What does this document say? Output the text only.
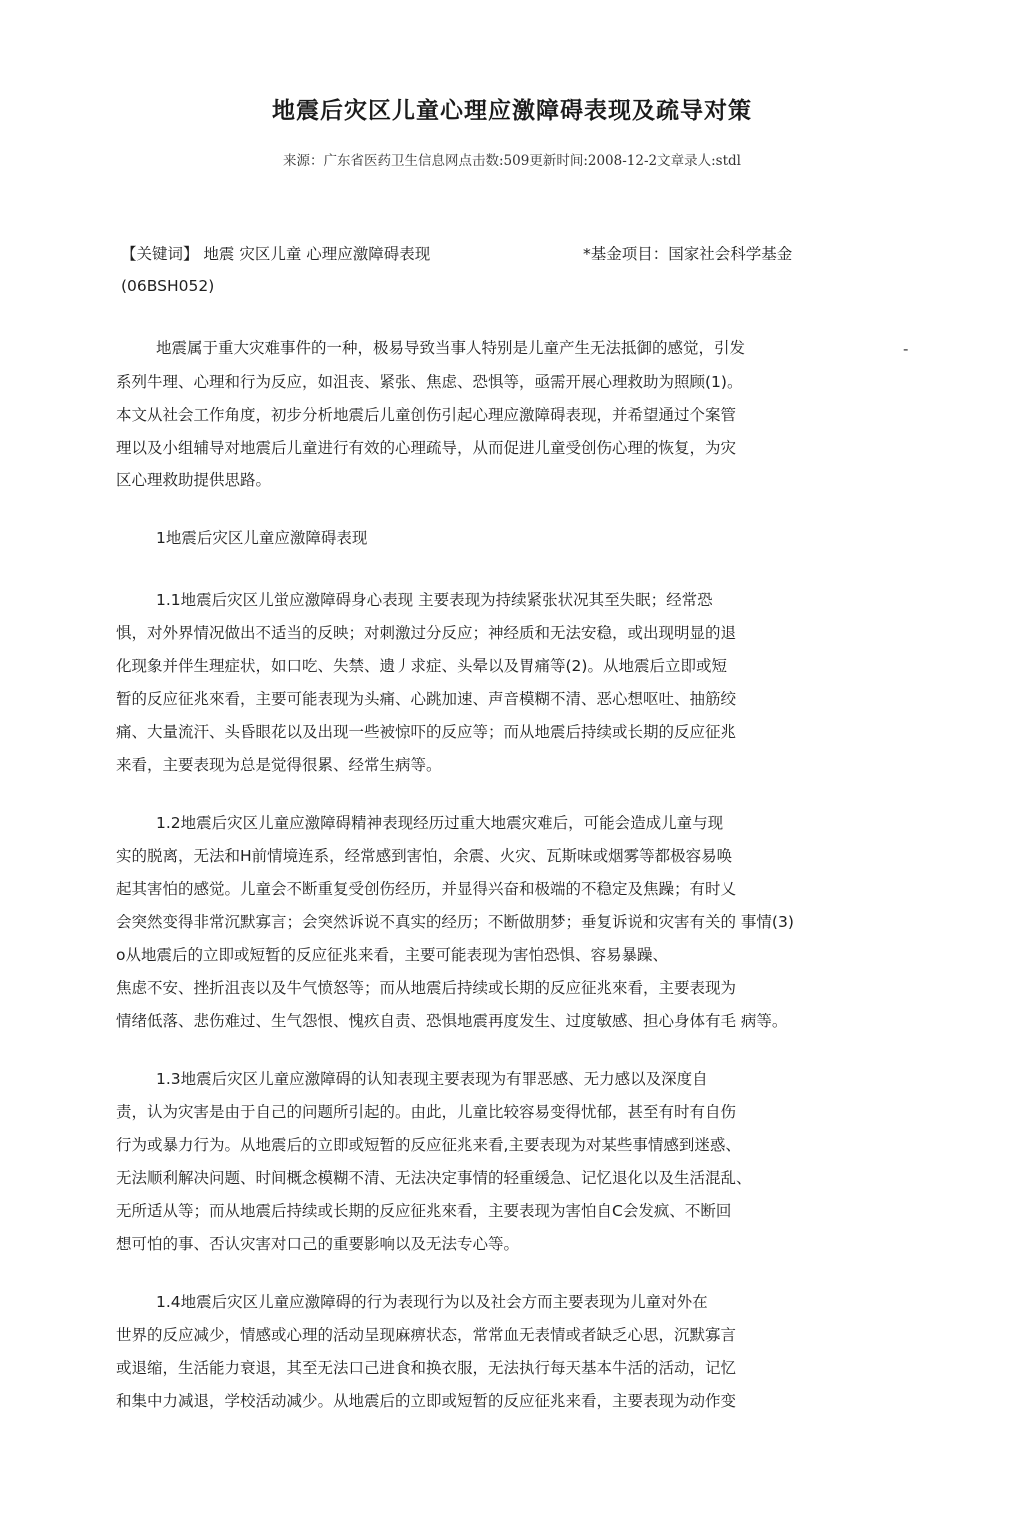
地震后灾区儿童心理应激障碍表现及疏导对策

来源：广东省医药卫生信息网点击数:509更新时间:2008-12-2文章录人:stdl

【关键词】 地震 灾区儿童 心理应激障碍表现	*基金项目：国家社会科学基金
(06BSH052)
地震属于重大灾难事件的一种，极易导致当事人特别是儿童产生无法抵御的感觉，引发	-
系列牛理、心理和行为反应，如沮丧、紧张、焦虑、恐惧等，亟需开展心理救助为照顾(1)。
本文从社会工作角度，初步分析地震后儿童创伤引起心理应激障碍表现，并希望通过个案管
理以及小组辅导对地震后儿童进行有效的心理疏导，从而促进儿童受创伤心理的恢复，为灾
区心理救助提供思路。
1地震后灾区儿童应激障碍表现
1.1地震后灾区儿蛍应激障碍身心表现 主要表现为持续紧张状况其至失眠；经常恐
惧，对外界情况做出不适当的反映；对刺激过分反应；神经质和无法安稳，或出现明显的退
化现象并伴生理症状，如口吃、失禁、遗丿求症、头晕以及胃痛等(2)。从地震后立即或短
暂的反应征兆來看，主要可能表现为头痛、心跳加速、声音模糊不清、恶心想呕吐、抽筋绞
痛、大量流汗、头昏眼花以及出现一些被惊吓的反应等；而从地震后持续或长期的反应征兆
来看，主要表现为总是觉得很累、经常生病等。
1.2地震后灾区儿童应激障碍精神表现经历过重大地震灾难后，可能会造成儿童与现
实的脱离，无法和H前情境连系，经常感到害怕，余震、火灾、瓦斯味或烟雾等都极容易唤
起其害怕的感觉。儿童会不断重复受创伤经历，并显得兴奋和极端的不稳定及焦躁；有时乂
会突然变得非常沉默寡言；会突然诉说不真实的经历；不断做朋梦；垂复诉说和灾害有关的 事情(3)
o从地震后的立即或短暂的反应征兆来看，主要可能表现为害怕恐惧、容易暴躁、
焦虑不安、挫折沮丧以及牛气愤怒等；而从地震后持续或长期的反应征兆來看，主要表现为
情绪低落、悲伤难过、生气怨恨、愧疚自责、恐惧地震再度发生、过度敏感、担心身体有毛 病等。
1.3地震后灾区儿童应激障碍的认知表现主要表现为有罪恶感、无力感以及深度自
责，认为灾害是由于自己的问题所引起的。由此，儿童比较容易变得忧郁，甚至有时有自伤
行为或暴力行为。从地震后的立即或短暂的反应征兆来看,主要表现为对某些事情感到迷惑、
无法顺利解决问题、时间概念模糊不清、无法决定事情的轻重缓急、记忆退化以及生活混乱、
无所适从等；而从地震后持续或长期的反应征兆來看，主要表现为害怕自C会发疯、不断回
想可怕的事、否认灾害对口己的重要影响以及无法专心等。
1.4地震后灾区儿童应激障碍的行为表现行为以及社会方而主要表现为儿童对外在
世界的反应减少，情感或心理的活动呈现麻痹状态，常常血无表情或者缺乏心思，沉默寡言
或退缩，生活能力衰退，其至无法口己进食和换衣服，无法执行每天基本牛活的活动，记忆
和集中力减退，学校活动减少。从地震后的立即或短暂的反应征兆来看，主要表现为动作变
